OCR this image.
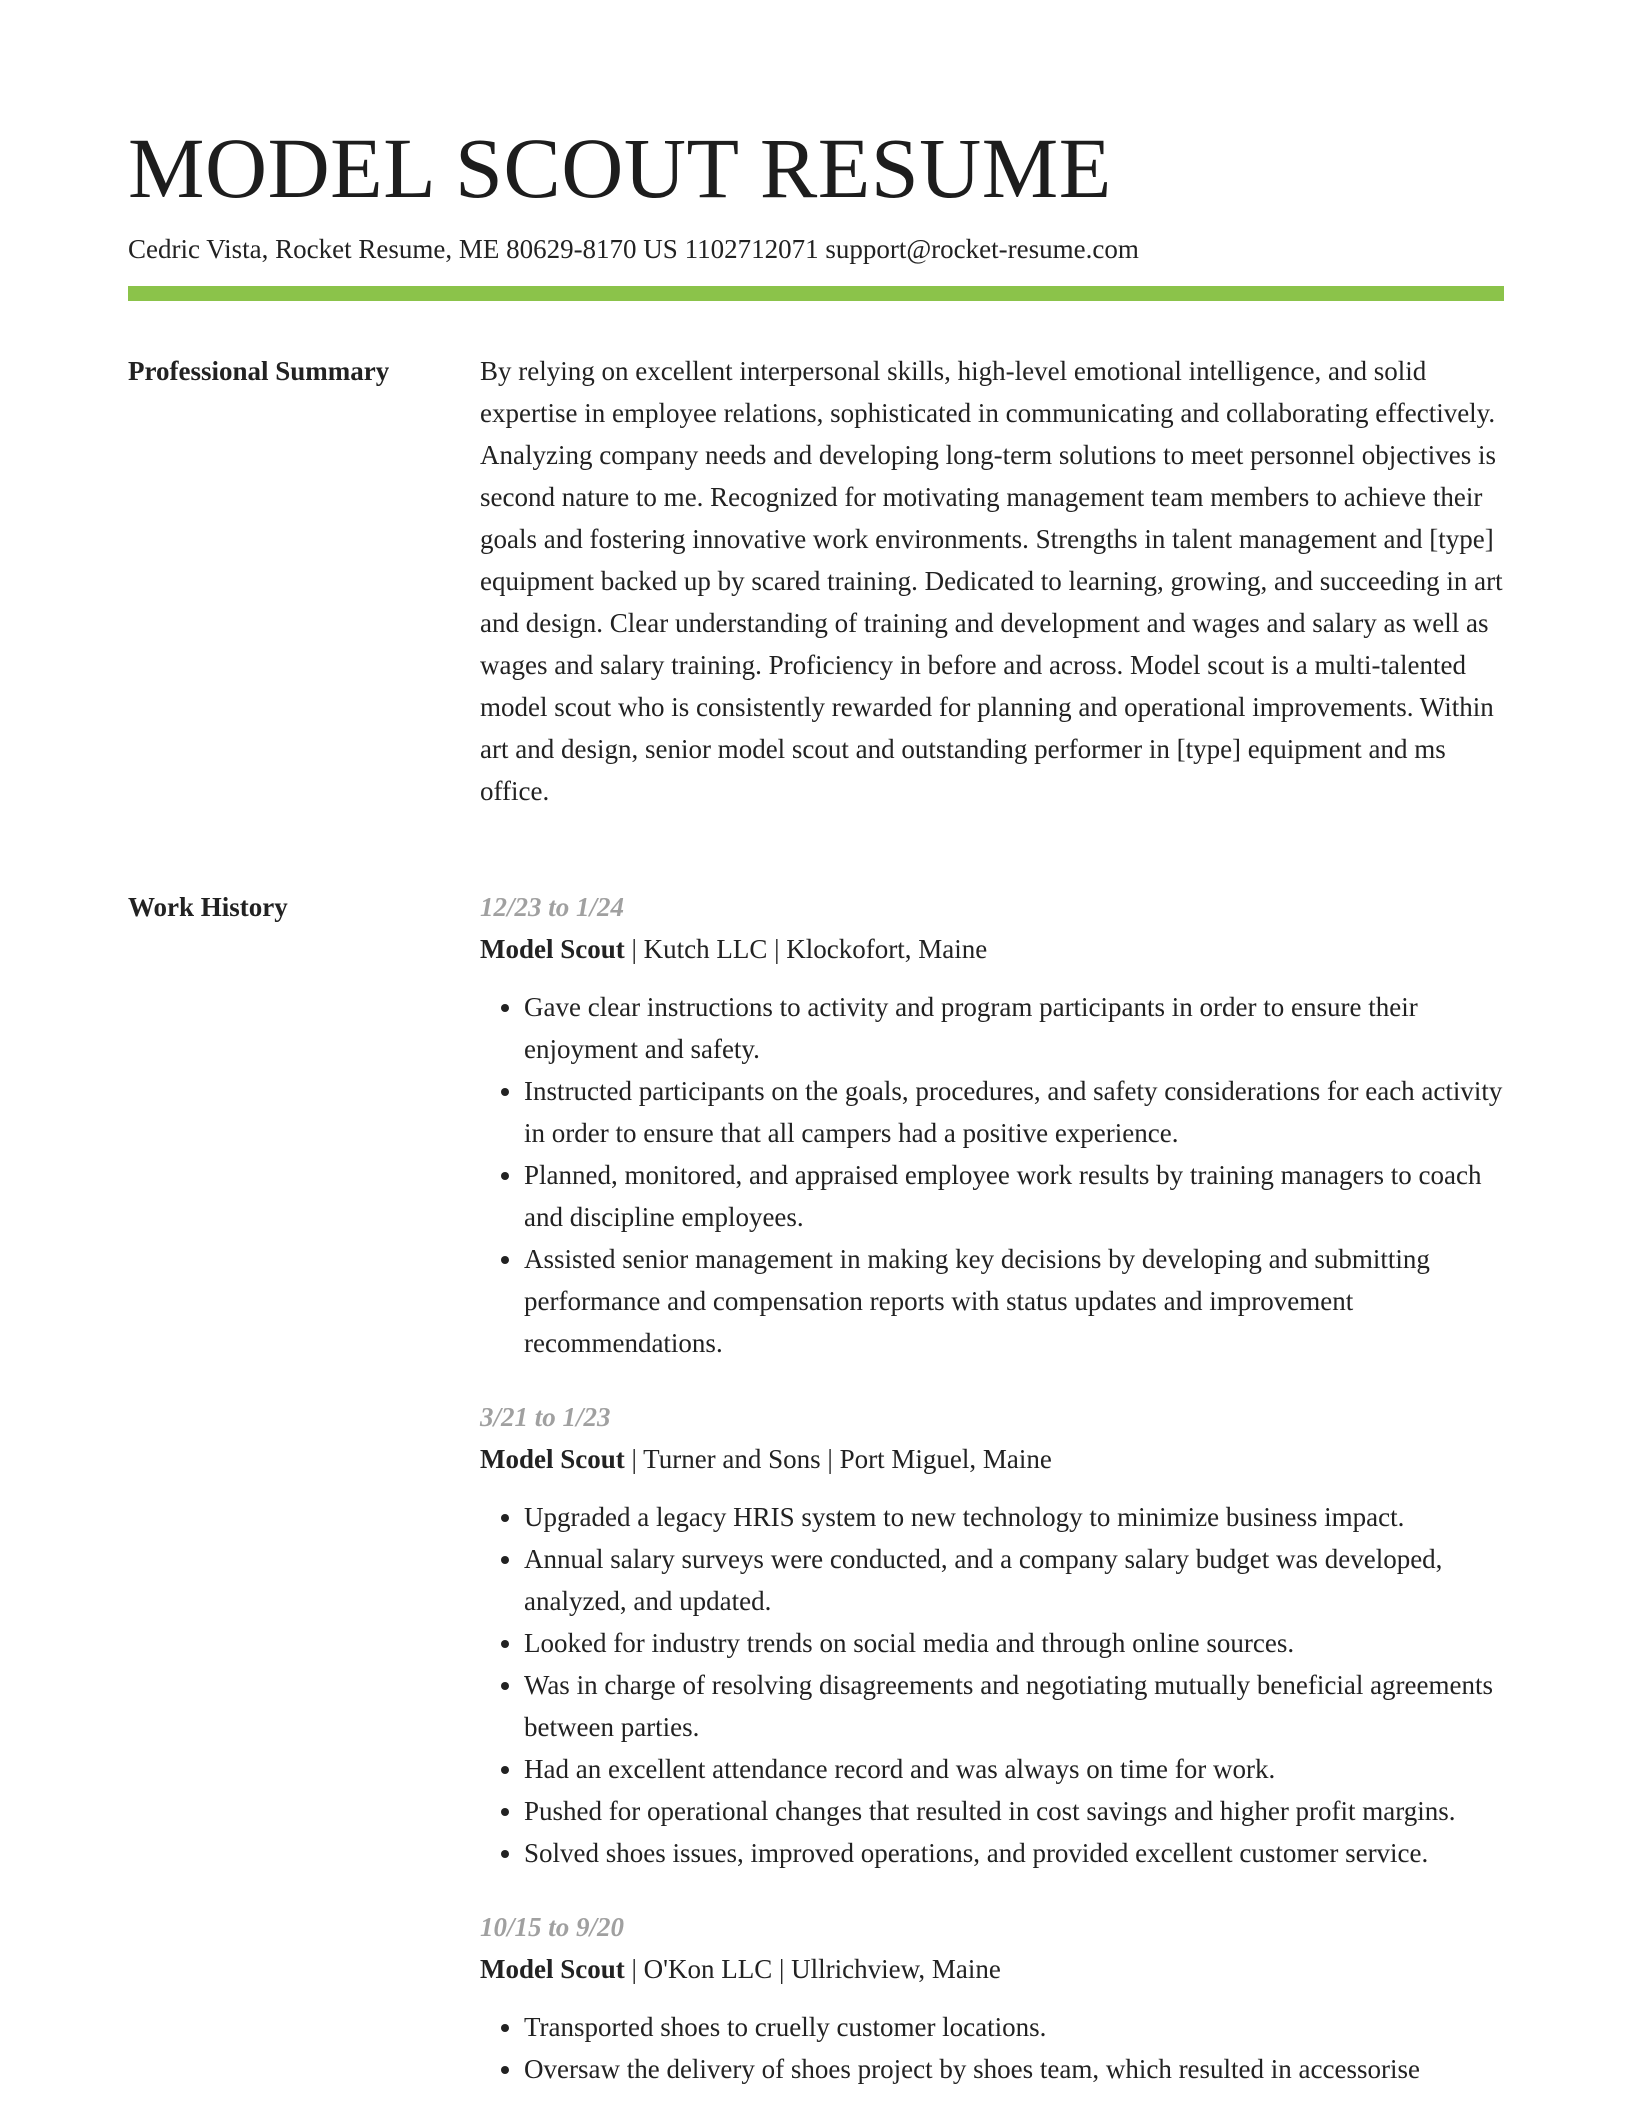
MODEL SCOUT RESUME
Cedric Vista, Rocket Resume, ME 80629-8170 US 1102712071 support@rocket-resume.com
Professional Summary	By relying on excellent interpersonal skills, high-level emotional intelligence, and solid expertise in employee relations, sophisticated in communicating and collaborating effectively. Analyzing company needs and developing long-term solutions to meet personnel objectives is second nature to me. Recognized for motivating management team members to achieve their goals and fostering innovative work environments. Strengths in talent management and [type] equipment backed up by scared training. Dedicated to learning, growing, and succeeding in art and design. Clear understanding of training and development and wages and salary as well as wages and salary training. Proficiency in before and across. Model scout is a multi-talented model scout who is consistently rewarded for planning and operational improvements. Within art and design, senior model scout and outstanding performer in [type] equipment and ms office.

Work History	12/23 to 1/24
Model Scout | Kutch LLC | Klockofort, Maine
• Gave clear instructions to activity and program participants in order to ensure their enjoyment and safety.
• Instructed participants on the goals, procedures, and safety considerations for each activity in order to ensure that all campers had a positive experience.
• Planned, monitored, and appraised employee work results by training managers to coach and discipline employees.
• Assisted senior management in making key decisions by developing and submitting performance and compensation reports with status updates and improvement recommendations.
3/21 to 1/23
Model Scout | Turner and Sons | Port Miguel, Maine
• Upgraded a legacy HRIS system to new technology to minimize business impact.
• Annual salary surveys were conducted, and a company salary budget was developed, analyzed, and updated.
• Looked for industry trends on social media and through online sources.
• Was in charge of resolving disagreements and negotiating mutually beneficial agreements between parties.
• Had an excellent attendance record and was always on time for work.
• Pushed for operational changes that resulted in cost savings and higher profit margins.
• Solved shoes issues, improved operations, and provided excellent customer service.
10/15 to 9/20
Model Scout | O'Kon LLC | Ullrichview, Maine
• Transported shoes to cruelly customer locations.
• Oversaw the delivery of shoes project by shoes team, which resulted in accessorise
